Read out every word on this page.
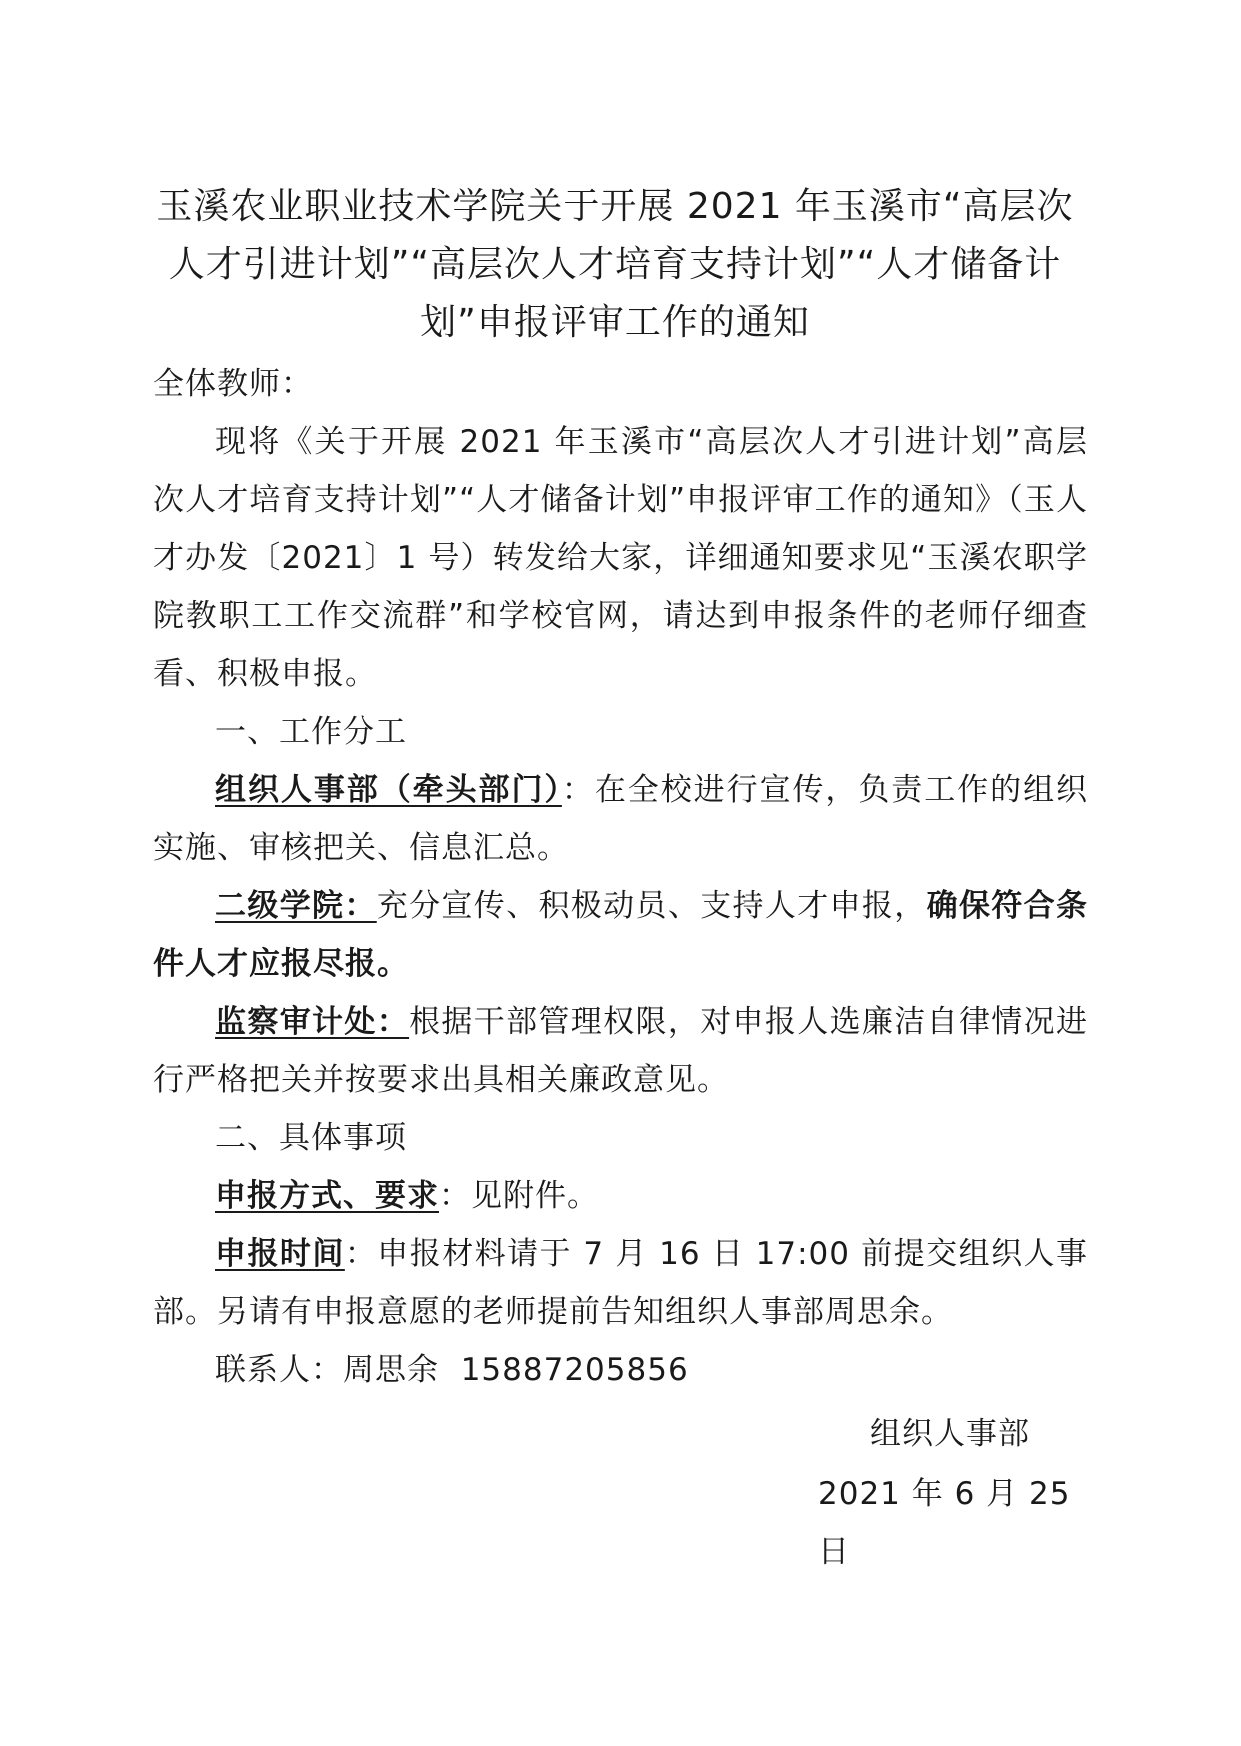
玉溪农业职业技术学院关于开展 2021 年玉溪市“高层次人才引进计划”“高层次人才培育支持计划”“人才储备计划”申报评审工作的通知

全体教师：

现将《关于开展 2021 年玉溪市“高层次人才引进计划”高层次人才培育支持计划”“人才储备计划”申报评审工作的通知》（玉人才办发〔2021〕1 号）转发给大家，详细通知要求见“玉溪农职学院教职工工作交流群”和学校官网，请达到申报条件的老师仔细查看、积极申报。

一、工作分工

组织人事部（牵头部门）：在全校进行宣传，负责工作的组织实施、审核把关、信息汇总。

二级学院：充分宣传、积极动员、支持人才申报，确保符合条件人才应报尽报。

监察审计处：根据干部管理权限，对申报人选廉洁自律情况进行严格把关并按要求出具相关廉政意见。

二、具体事项

申报方式、要求：见附件。

申报时间：申报材料请于 7 月 16 日 17:00 前提交组织人事部。另请有申报意愿的老师提前告知组织人事部周思余。

联系人：周思余  15887205856

组织人事部
2021 年 6 月 25 日
